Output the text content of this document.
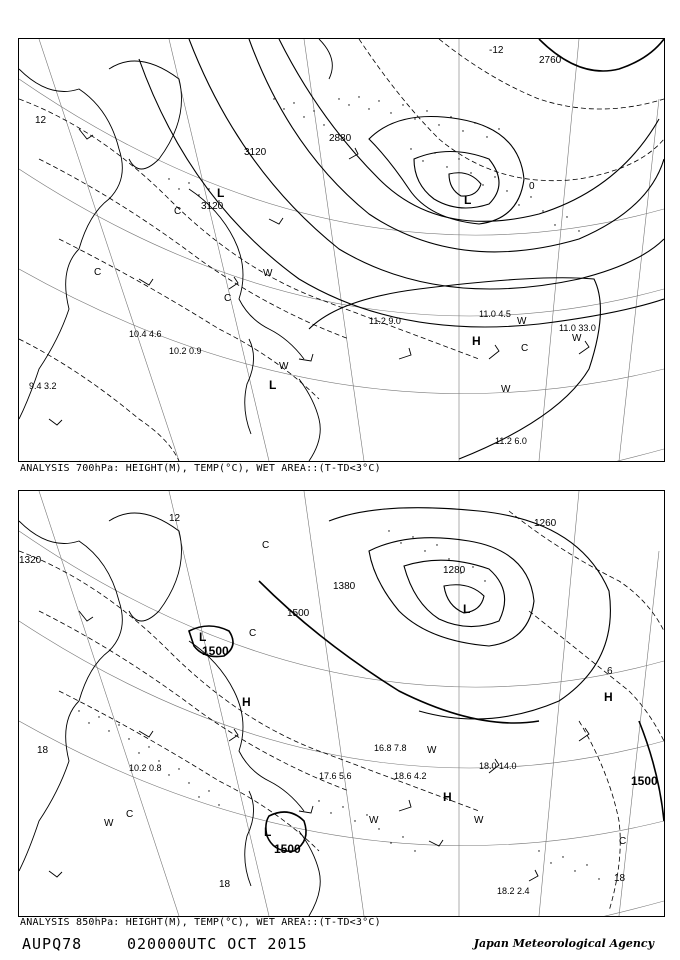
L
L
L
H
W
W
W
W
W
C
C
C
C
2880
2760
3120
3120
12
0
-12
11.0 4.5
11.2 9.0
11.2 6.0
11.0 33.0
10.2 0.9
10.4 4.6
9.4 3.2
ANALYSIS 700hPa: HEIGHT(M), TEMP(°C), WET AREA::(T-TD<3°C)
L
L
L
H
H
H
W
W	W
W
C
C
C
C
1500
1500
1500
1500
1380
1320
1280
1260
12
18
18
18
6
18.6 4.2
18.2 2.4
18.0 14.0
17.6 5.6
16.8 7.8
10.2 0.8
ANALYSIS 850hPa: HEIGHT(M), TEMP(°C), WET AREA::(T-TD<3°C)
AUPQ78	020000UTC OCT 2015	Japan Meteorological Agency
